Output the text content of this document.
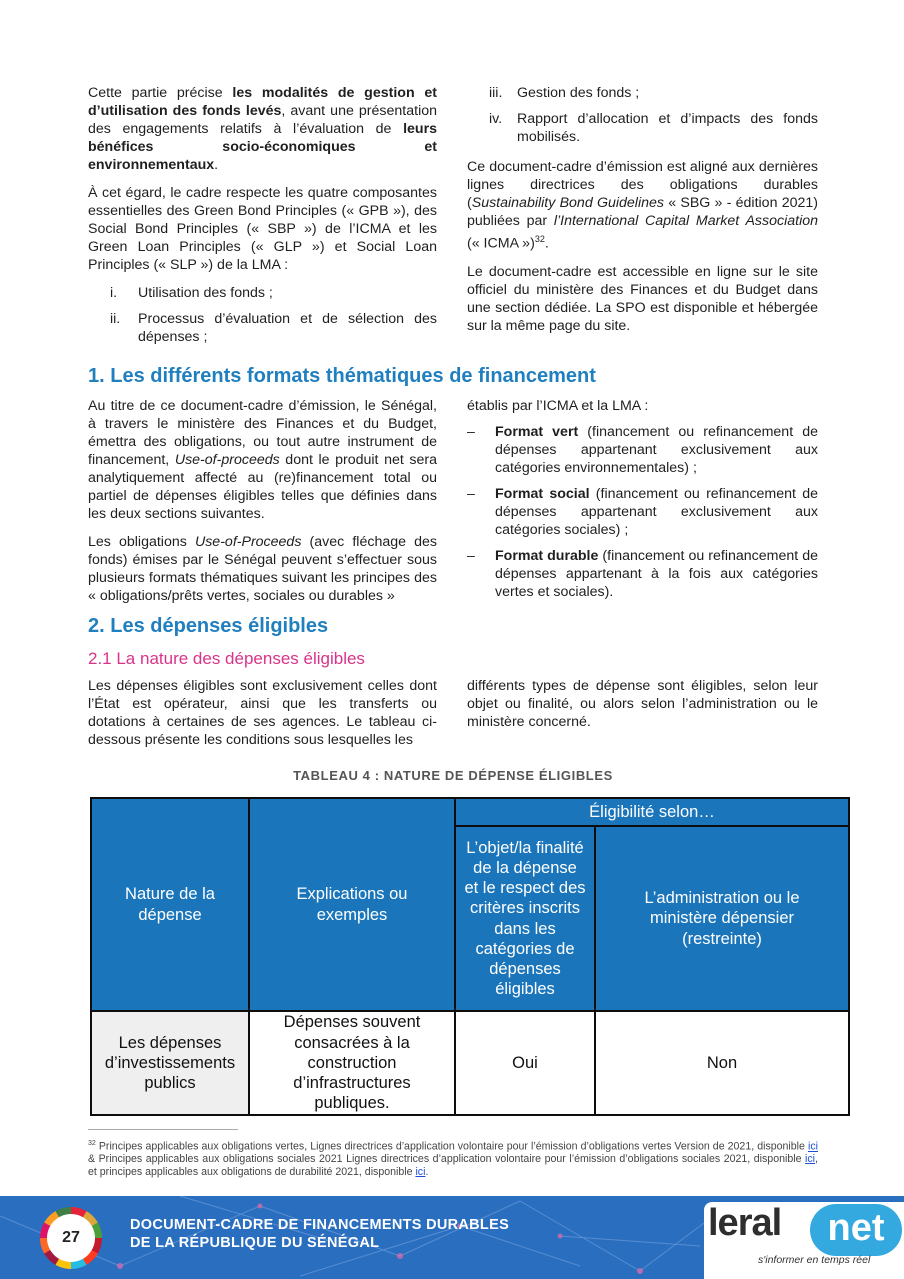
Cette partie précise les modalités de gestion et d’utilisation des fonds levés, avant une présentation des engagements relatifs à l’évaluation de leurs bénéfices socio-économiques et environnementaux.

À cet égard, le cadre respecte les quatre composantes essentielles des Green Bond Principles (« GPB »), des Social Bond Principles (« SBP ») de l’ICMA et les Green Loan Principles (« GLP ») et Social Loan Principles (« SLP ») de la LMA :

i.	Utilisation des fonds ;
ii.	Processus d’évaluation et de sélection des dépenses ;
iii.	Gestion des fonds ;
iv.	Rapport d’allocation et d’impacts des fonds mobilisés.

Ce document-cadre d’émission est aligné aux dernières lignes directrices des obligations durables (Sustainability Bond Guidelines « SBG » - édition 2021) publiées par l’International Capital Market Association (« ICMA »)$^{32}$.

Le document-cadre est accessible en ligne sur le site officiel du ministère des Finances et du Budget dans une section dédiée. La SPO est disponible et hébergée sur la même page du site.

1. Les différents formats thématiques de financement

Au titre de ce document-cadre d’émission, le Sénégal, à travers le ministère des Finances et du Budget, émettra des obligations, ou tout autre instrument de financement, Use-of-proceeds dont le produit net sera analytiquement affecté au (re)financement total ou partiel de dépenses éligibles telles que définies dans les deux sections suivantes.

Les obligations Use-of-Proceeds (avec fléchage des fonds) émises par le Sénégal peuvent s’effectuer sous plusieurs formats thématiques suivant les principes des « obligations/prêts vertes, sociales ou durables »

établis par l’ICMA et la LMA :
–	Format vert (financement ou refinancement de dépenses appartenant exclusivement aux catégories environnementales) ;
–	Format social (financement ou refinancement de dépenses appartenant exclusivement aux catégories sociales) ;
–	Format durable (financement ou refinancement de dépenses appartenant à la fois aux catégories vertes et sociales).
2. Les dépenses éligibles
2.1 La nature des dépenses éligibles

Les dépenses éligibles sont exclusivement celles dont l’État est opérateur, ainsi que les transferts ou dotations à certaines de ses agences. Le tableau ci-dessous présente les conditions sous lesquelles les

différents types de dépense sont éligibles, selon leur objet ou finalité, ou alors selon l’administration ou le ministère concerné.

TABLEAU 4 : NATURE DE DÉPENSE ÉLIGIBLES
Nature de la dépense	Explications ou exemples	Éligibilité selon…	
		L’objet/la finalité de la dépense et le respect des critères inscrits dans les catégories de dépenses éligibles	L’administration ou le ministère dépensier (restreinte)
Les dépenses d’investissements publics	Dépenses souvent consacrées à la construction d’infrastructures publiques.	Oui	Non
$^{32}$ Principes applicables aux obligations vertes, Lignes directrices d’application volontaire pour l’émission d’obligations vertes Version de 2021, disponible ici & Principes applicables aux obligations sociales 2021 Lignes directrices d’application volontaire pour l’émission d’obligations sociales 2021, disponible ici, et principes applicables aux obligations de durabilité 2021, disponible ici.
27
DOCUMENT-CADRE DE FINANCEMENTS DURABLES
DE LA RÉPUBLIQUE DU SÉNÉGAL	leral	net
s'informer en temps réel
